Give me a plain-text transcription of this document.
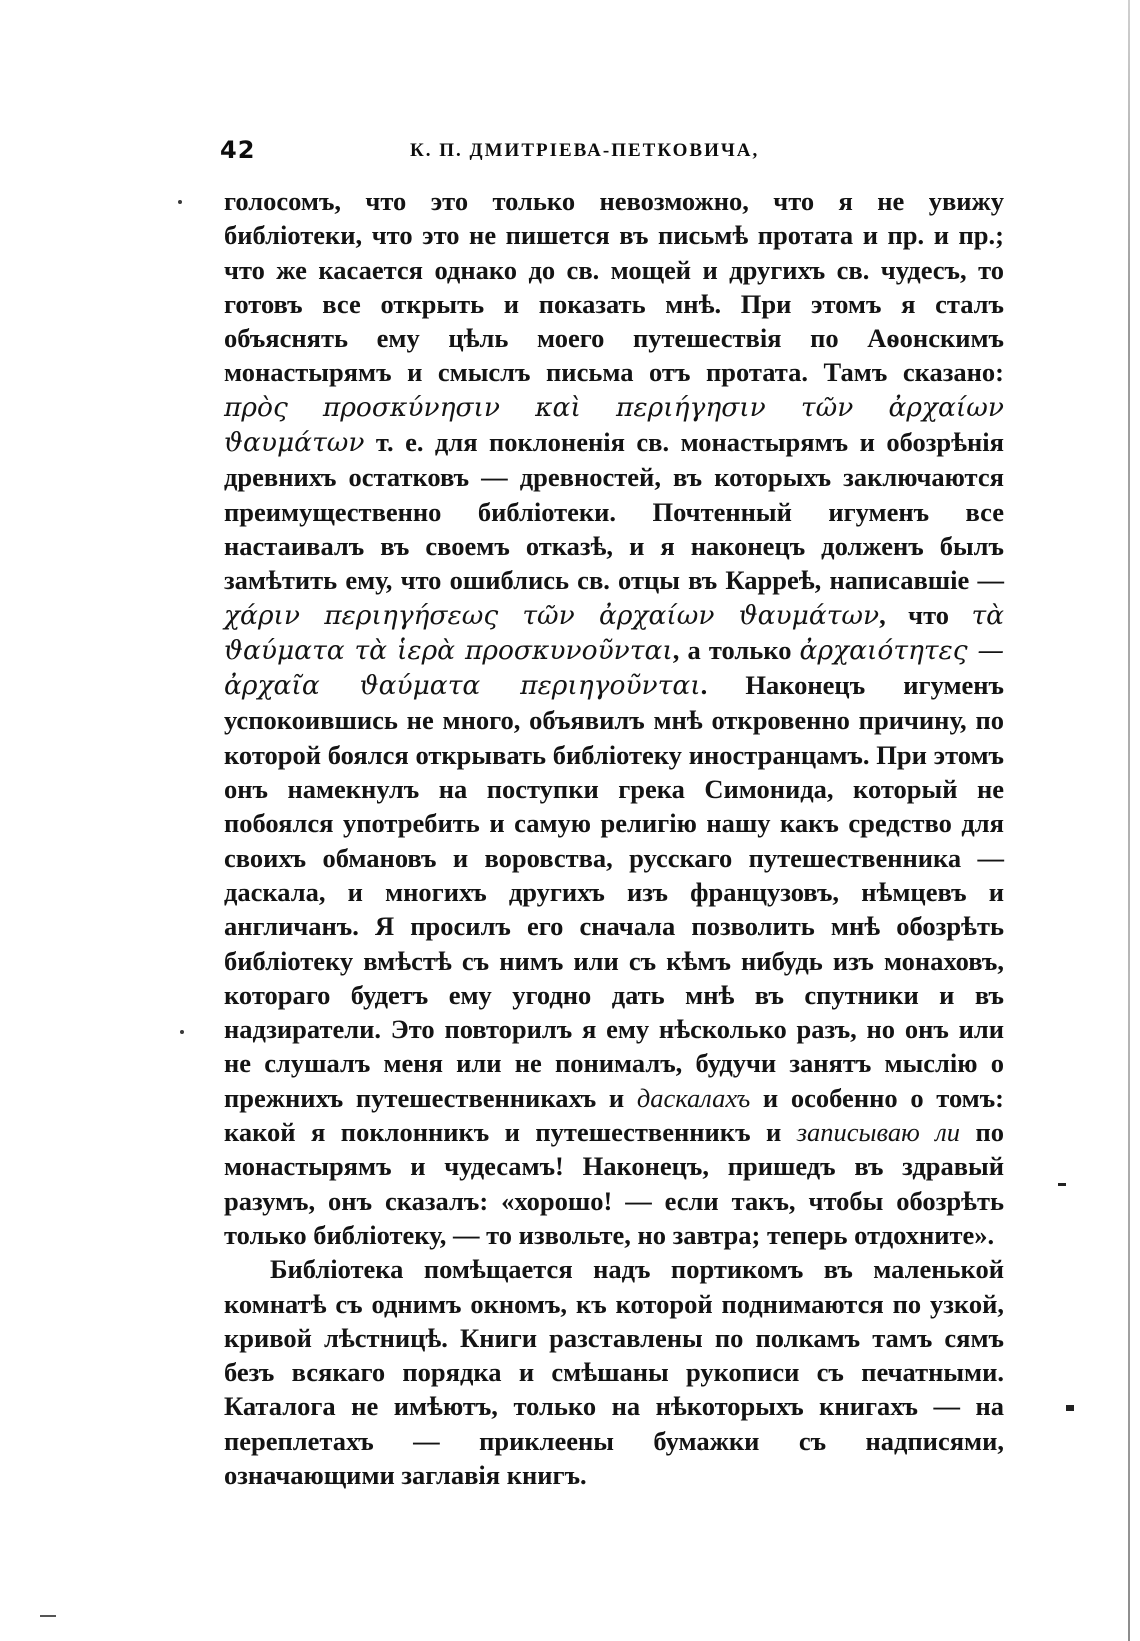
42	К. П. ДМИТРІЕВА-ПЕТКОВИЧА,

голосомъ, что это только невозможно, что я не увижу библіотеки, что это не пишется въ письмѣ протата и пр. и пр.; что же касается однако до св. мощей и другихъ св. чудесъ, то готовъ все открыть и показать мнѣ. При этомъ я сталъ объяснять ему цѣль моего путешествія по Аѳонскимъ монастырямъ и смыслъ письма отъ протата. Тамъ сказано: πρὸς προσκύνησιν καὶ περιήγησιν τῶν ἀρχαίων ϑαυμάτων т. е. для поклоненія св. монастырямъ и обозрѣнія древнихъ остатковъ — древностей, въ которыхъ заключаются преимущественно библіотеки. Почтенный игуменъ все настаивалъ въ своемъ отказѣ, и я наконецъ долженъ былъ замѣтить ему, что ошиблись св. отцы въ Карреѣ, написавшіе — χάριν περιηγήσεως τῶν ἀρχαίων ϑαυμάτων, что τὰ ϑαύματα τὰ ἱερὰ προσκυνοῦνται, а только ἀρχαιότητες — ἀρχαῖα ϑαύματα περιηγοῦνται. Наконецъ игуменъ успокоившись не много, объявилъ мнѣ откровенно причину, по которой боялся открывать библіотеку иностранцамъ. При этомъ онъ намекнулъ на поступки грека Симонида, который не побоялся употребить и самую религію нашу какъ средство для своихъ обмановъ и воровства, русскаго путешественника — даскала, и многихъ другихъ изъ французовъ, нѣмцевъ и англичанъ. Я просилъ его сначала позволить мнѣ обозрѣть библіотеку вмѣстѣ съ нимъ или съ кѣмъ нибудь изъ монаховъ, котораго будетъ ему угодно дать мнѣ въ спутники и въ надзиратели. Это повторилъ я ему нѣсколько разъ, но онъ или не слушалъ меня или не понималъ, будучи занятъ мыслію о прежнихъ путешественникахъ и даскалахъ и особенно о томъ: какой я поклонникъ и путешественникъ и записываю ли по монастырямъ и чудесамъ! Наконецъ, пришедъ въ здравый разумъ, онъ сказалъ: «хорошо! — если такъ, чтобы обозрѣть только библіотеку, — то извольте, но завтра; теперь отдохните».

Библіотека помѣщается надъ портикомъ въ маленькой комнатѣ съ однимъ окномъ, къ которой поднимаются по узкой, кривой лѣстницѣ. Книги разставлены по полкамъ тамъ сямъ безъ всякаго порядка и смѣшаны рукописи съ печатными. Каталога не имѣютъ, только на нѣкоторыхъ книгахъ — на переплетахъ — приклеены бумажки съ надписями, означающими заглавія книгъ.
